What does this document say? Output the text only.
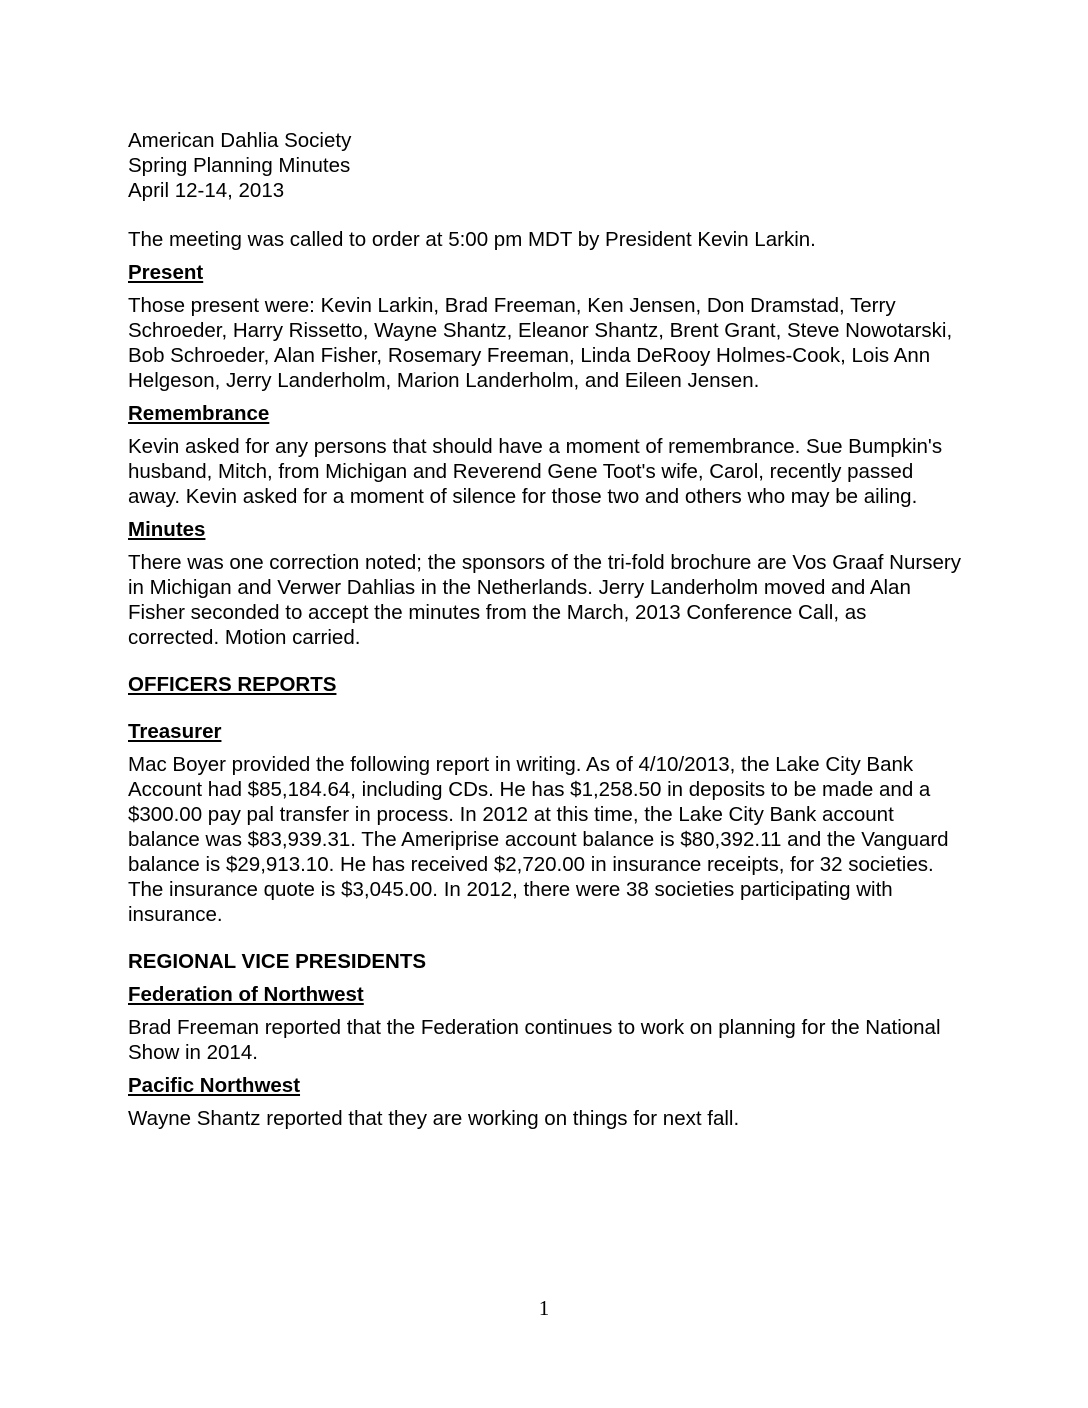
American Dahlia Society

Spring Planning Minutes

April 12-14, 2013

The meeting was called to order at 5:00 pm MDT by President Kevin Larkin.

Present

Those present were: Kevin Larkin, Brad Freeman, Ken Jensen, Don Dramstad, Terry Schroeder, Harry Rissetto, Wayne Shantz, Eleanor Shantz, Brent Grant, Steve Nowotarski, Bob Schroeder, Alan Fisher, Rosemary Freeman, Linda DeRooy Holmes-Cook, Lois Ann Helgeson, Jerry Landerholm, Marion Landerholm, and Eileen Jensen.

Remembrance

Kevin asked for any persons that should have a moment of remembrance. Sue Bumpkin's husband, Mitch, from Michigan and Reverend Gene Toot's wife, Carol, recently passed away. Kevin asked for a moment of silence for those two and others who may be ailing.

Minutes

There was one correction noted; the sponsors of the tri-fold brochure are Vos Graaf Nursery in Michigan and Verwer Dahlias in the Netherlands. Jerry Landerholm moved and Alan Fisher seconded to accept the minutes from the March, 2013 Conference Call, as corrected. Motion carried.

OFFICERS REPORTS
Treasurer

Mac Boyer provided the following report in writing. As of 4/10/2013, the Lake City Bank Account had $85,184.64, including CDs. He has $1,258.50 in deposits to be made and a $300.00 pay pal transfer in process. In 2012 at this time, the Lake City Bank account balance was $83,939.31. The Ameriprise account balance is $80,392.11 and the Vanguard balance is $29,913.10. He has received $2,720.00 in insurance receipts, for 32 societies. The insurance quote is $3,045.00. In 2012, there were 38 societies participating with insurance.

REGIONAL VICE PRESIDENTS
Federation of Northwest

Brad Freeman reported that the Federation continues to work on planning for the National Show in 2014.

Pacific Northwest

Wayne Shantz reported that they are working on things for next fall.

1
